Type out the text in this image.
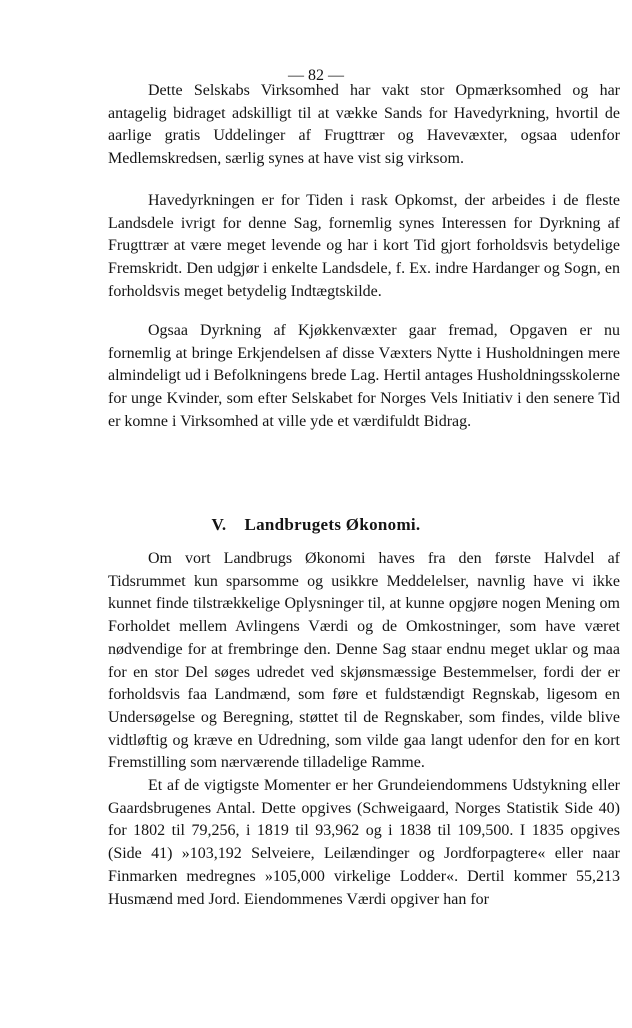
— 82 —

Dette Selskabs Virksomhed har vakt stor Opmærksomhed og har antagelig bidraget adskilligt til at vække Sands for Havedyrkning, hvortil de aarlige gratis Uddelinger af Frugttrær og Havevæxter, ogsaa udenfor Medlemskredsen, særlig synes at have vist sig virksom.

Havedyrkningen er for Tiden i rask Opkomst, der arbeides i de fleste Landsdele ivrigt for denne Sag, fornemlig synes Interessen for Dyrkning af Frugttrær at være meget levende og har i kort Tid gjort forholdsvis betydelige Fremskridt. Den udgjør i enkelte Landsdele, f. Ex. indre Hardanger og Sogn, en forholdsvis meget betydelig Indtægtskilde.

Ogsaa Dyrkning af Kjøkkenvæxter gaar fremad, Opgaven er nu fornemlig at bringe Erkjendelsen af disse Væxters Nytte i Husholdningen mere almindeligt ud i Befolkningens brede Lag. Hertil antages Husholdningsskolerne for unge Kvinder, som efter Selskabet for Norges Vels Initiativ i den senere Tid er komne i Virksomhed at ville yde et værdifuldt Bidrag.

V. Landbrugets Økonomi.

Om vort Landbrugs Økonomi haves fra den første Halvdel af Tidsrummet kun sparsomme og usikkre Meddelelser, navnlig have vi ikke kunnet finde tilstrækkelige Oplysninger til, at kunne opgjøre nogen Mening om Forholdet mellem Avlingens Værdi og de Omkostninger, som have været nødvendige for at frembringe den. Denne Sag staar endnu meget uklar og maa for en stor Del søges udredet ved skjønsmæssige Bestemmelser, fordi der er forholdsvis faa Landmænd, som føre et fuldstændigt Regnskab, ligesom en Undersøgelse og Beregning, støttet til de Regnskaber, som findes, vilde blive vidtløftig og kræve en Udredning, som vilde gaa langt udenfor den for en kort Fremstilling som nærværende tilladelige Ramme.

Et af de vigtigste Momenter er her Grundeiendommens Udstykning eller Gaardsbrugenes Antal. Dette opgives (Schweigaard, Norges Statistik Side 40) for 1802 til 79,256, i 1819 til 93,962 og i 1838 til 109,500. I 1835 opgives (Side 41) »103,192 Selveiere, Leilændinger og Jordforpagtere« eller naar Finmarken medregnes »105,000 virkelige Lodder«. Dertil kommer 55,213 Husmænd med Jord. Eiendommenes Værdi opgiver han for
